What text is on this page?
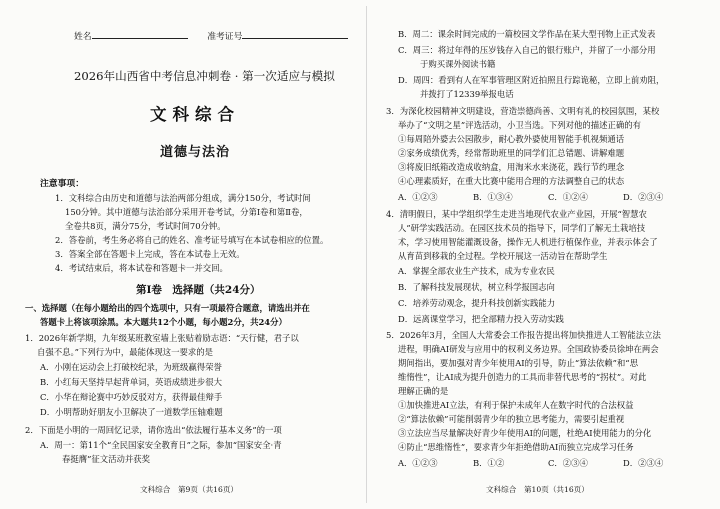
姓名	准考证号
2026年山西省中考信息冲刺卷 · 第一次适应与模拟
文科综合
道德与法治
注意事项：
1．文科综合由历史和道德与法治两部分组成，满分150分，考试时间
150分钟。其中道德与法治部分采用开卷考试，分第Ⅰ卷和第Ⅱ卷，
全卷共8页，满分75分，考试时间70分钟。
2．答卷前，考生务必将自己的姓名、准考证号填写在本试卷相应的位置。
3．答案全部在答题卡上完成，答在本试卷上无效。
4．考试结束后，将本试卷和答题卡一并交回。
第Ⅰ卷　选择题（共24分）
一、选择题（在每小题给出的四个选项中，只有一项最符合题意，请选出并在
答题卡上将该项涂黑。本大题共12个小题，每小题2分，共24分）
1．2026年新学期，九年级某班教室墙上张贴着励志语：“天行健，君子以
自强不息。”下列行为中，最能体现这一要求的是
A．小刚在运动会上打破校纪录，为班级赢得荣誉
B．小红每天坚持早起背单词，英语成绩进步很大
C．小华在辩论赛中巧妙反驳对方，获得最佳辩手
D．小明帮助好朋友小卫解决了一道数学压轴难题
2．下面是小明的一周回忆记录，请你选出“依法履行基本义务”的一项
A．周一：第11个“全民国家安全教育日”之际，参加“国家安全·青
春挺膺”征文活动并获奖
文科综合　第9页（共16页）
B．周二：课余时间完成的一篇校园文学作品在某大型刊物上正式发表
C．周三：将过年得的压岁钱存入自己的银行账户，并留了一小部分用
于购买课外阅读书籍
D．周四：看到有人在军事管理区附近拍照且行踪诡秘，立即上前劝阻，
并拨打了12339举报电话
3．为深化校园精神文明建设，营造崇德尚善、文明有礼的校园氛围，某校
举办了“文明之星”评选活动，小卫当选。下列对他的描述正确的有
①每周陪外婆去公园散步，耐心教外婆使用智能手机视频通话
②家务成绩优秀，经常帮助班里的同学们汇总错题、讲解难题
③将废旧纸箱改造成收纳盒，用淘米水来浇花，践行节约理念
④心理素质好，在重大比赛中能用合理的方法调整自己的状态
A．①②③	B．①③④	C．①②④	D．②③④
4．清明假日，某中学组织学生走进当地现代农业产业园，开展“智慧农
人”研学实践活动。在园区技术员的指导下，同学们了解无土栽培技
术，学习使用智能灌溉设备，操作无人机进行植保作业，并表示体会了
从育苗到移栽的全过程。学校开展这一活动旨在帮助学生
A．掌握全部农业生产技术，成为专业农民
B．了解科技发展现状，树立科学报国志向
C．培养劳动观念，提升科技创新实践能力
D．远离课堂学习，把全部精力投入劳动实践
5．2026年3月，全国人大常委会工作报告提出将加快推进人工智能法立法
进程，明确AI研发与应用中的权利义务边界。全国政协委员徐坤在两会
期间指出，要加强对青少年使用AI的引导，防止“算法依赖”和“思
维惰性”，让AI成为提升创造力的工具而非替代思考的“拐杖”。对此
理解正确的是
①加快推进AI立法，有利于保护未成年人在数字时代的合法权益
②“算法依赖”可能削弱青少年的独立思考能力，需要引起重视
③立法应当尽量解决好青少年使用AI的问题，杜绝AI使用能力的分化
④防止“思维惰性”，要求青少年拒绝借助AI而独立完成学习任务
A．①②③	B．①②	C．②③④	D．②③④
文科综合　第10页（共16页）
